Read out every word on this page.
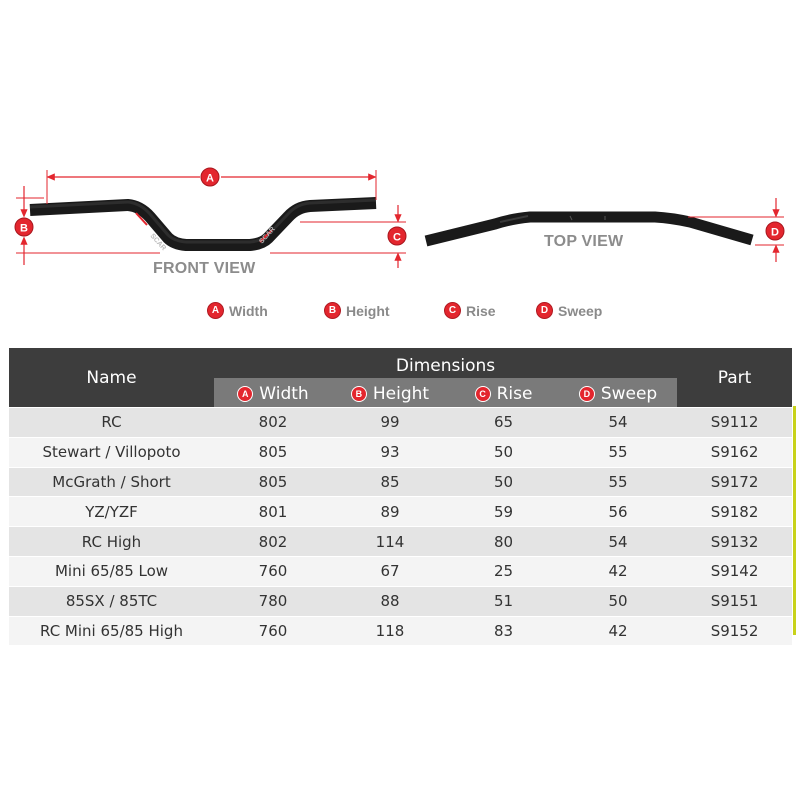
SCAR	SCAR
A
B
C	D
FRONT VIEW
TOP VIEW
A Width	B Height	C Rise	D Sweep
Name	Dimensions				Part

A Width	B Height	C Rise	D Sweep	

RC	802	99	65	54	S9112
Stewart / Villopoto	805	93	50	55	S9162
McGrath / Short	805	85	50	55	S9172
YZ/YZF	801	89	59	56	S9182
RC High	802	114	80	54	S9132
Mini 65/85 Low	760	67	25	42	S9142
85SX / 85TC	780	88	51	50	S9151
RC Mini 65/85 High	760	118	83	42	S9152
